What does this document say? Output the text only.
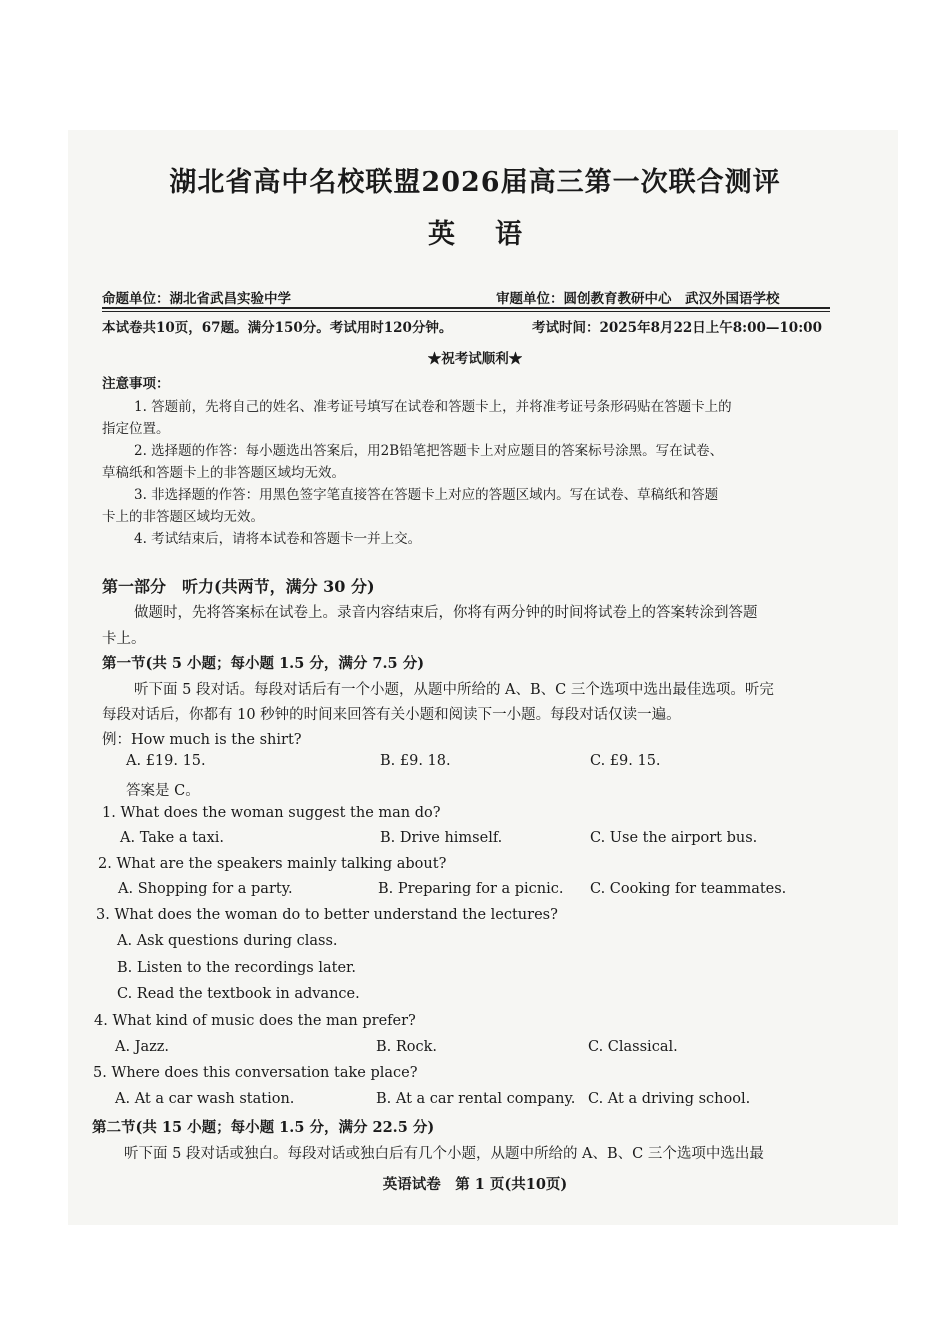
湖北省高中名校联盟2026届高三第一次联合测评
英语
命题单位：湖北省武昌实验中学	审题单位：圆创教育教研中心　武汉外国语学校
本试卷共10页，67题。满分150分。考试用时120分钟。	考试时间：2025年8月22日上午8:00—10:00
★祝考试顺利★
注意事项：
1. 答题前，先将自己的姓名、准考证号填写在试卷和答题卡上，并将准考证号条形码贴在答题卡上的
指定位置。
2. 选择题的作答：每小题选出答案后，用2B铅笔把答题卡上对应题目的答案标号涂黑。写在试卷、
草稿纸和答题卡上的非答题区域均无效。
3. 非选择题的作答：用黑色签字笔直接答在答题卡上对应的答题区域内。写在试卷、草稿纸和答题
卡上的非答题区域均无效。
4. 考试结束后，请将本试卷和答题卡一并上交。
第一部分　听力(共两节，满分 30 分)
做题时，先将答案标在试卷上。录音内容结束后，你将有两分钟的时间将试卷上的答案转涂到答题
卡上。
第一节(共 5 小题；每小题 1.5 分，满分 7.5 分)
听下面 5 段对话。每段对话后有一个小题，从题中所给的 A、B、C 三个选项中选出最佳选项。听完
每段对话后，你都有 10 秒钟的时间来回答有关小题和阅读下一小题。每段对话仅读一遍。
例：How much is the shirt?
A. £19. 15.	B. £9. 18.	C. £9. 15.
答案是 C。
1. What does the woman suggest the man do?
A. Take a taxi.	B. Drive himself.	C. Use the airport bus.
2. What are the speakers mainly talking about?
A. Shopping for a party.	B. Preparing for a picnic. C. Cooking for teammates.
3. What does the woman do to better understand the lectures?
A. Ask questions during class.
B. Listen to the recordings later.
C. Read the textbook in advance.
4. What kind of music does the man prefer?
A. Jazz.	B. Rock.	C. Classical.
5. Where does this conversation take place?
A. At a car wash station.	B. At a car rental company. C. At a driving school.
第二节(共 15 小题；每小题 1.5 分，满分 22.5 分)
听下面 5 段对话或独白。每段对话或独白后有几个小题，从题中所给的 A、B、C 三个选项中选出最
英语试卷　第 1 页(共10页)
